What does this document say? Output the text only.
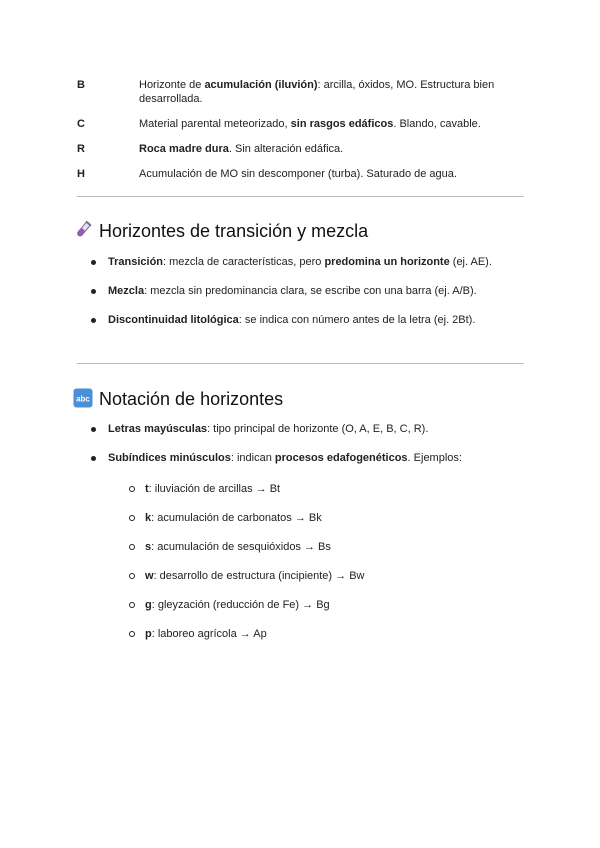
B	Horizonte de acumulación (iluvión): arcilla, óxidos, MO. Estructura bien desarrollada.
C	Material parental meteorizado, sin rasgos edáficos. Blando, cavable.
R	Roca madre dura. Sin alteración edáfica.
H	Acumulación de MO sin descomponer (turba). Saturado de agua.
Horizontes de transición y mezcla
Transición: mezcla de características, pero predomina un horizonte (ej. AE).
Mezcla: mezcla sin predominancia clara, se escribe con una barra (ej. A/B).
Discontinuidad litológica: se indica con número antes de la letra (ej. 2Bt).
abc Notación de horizontes
Letras mayúsculas: tipo principal de horizonte (O, A, E, B, C, R).
Subíndices minúsculos: indican procesos edafogenéticos. Ejemplos:
t: iluviación de arcillas → Bt
k: acumulación de carbonatos → Bk
s: acumulación de sesquióxidos → Bs
w: desarrollo de estructura (incipiente) → Bw
g: gleyzación (reducción de Fe) → Bg
p: laboreo agrícola → Ap
